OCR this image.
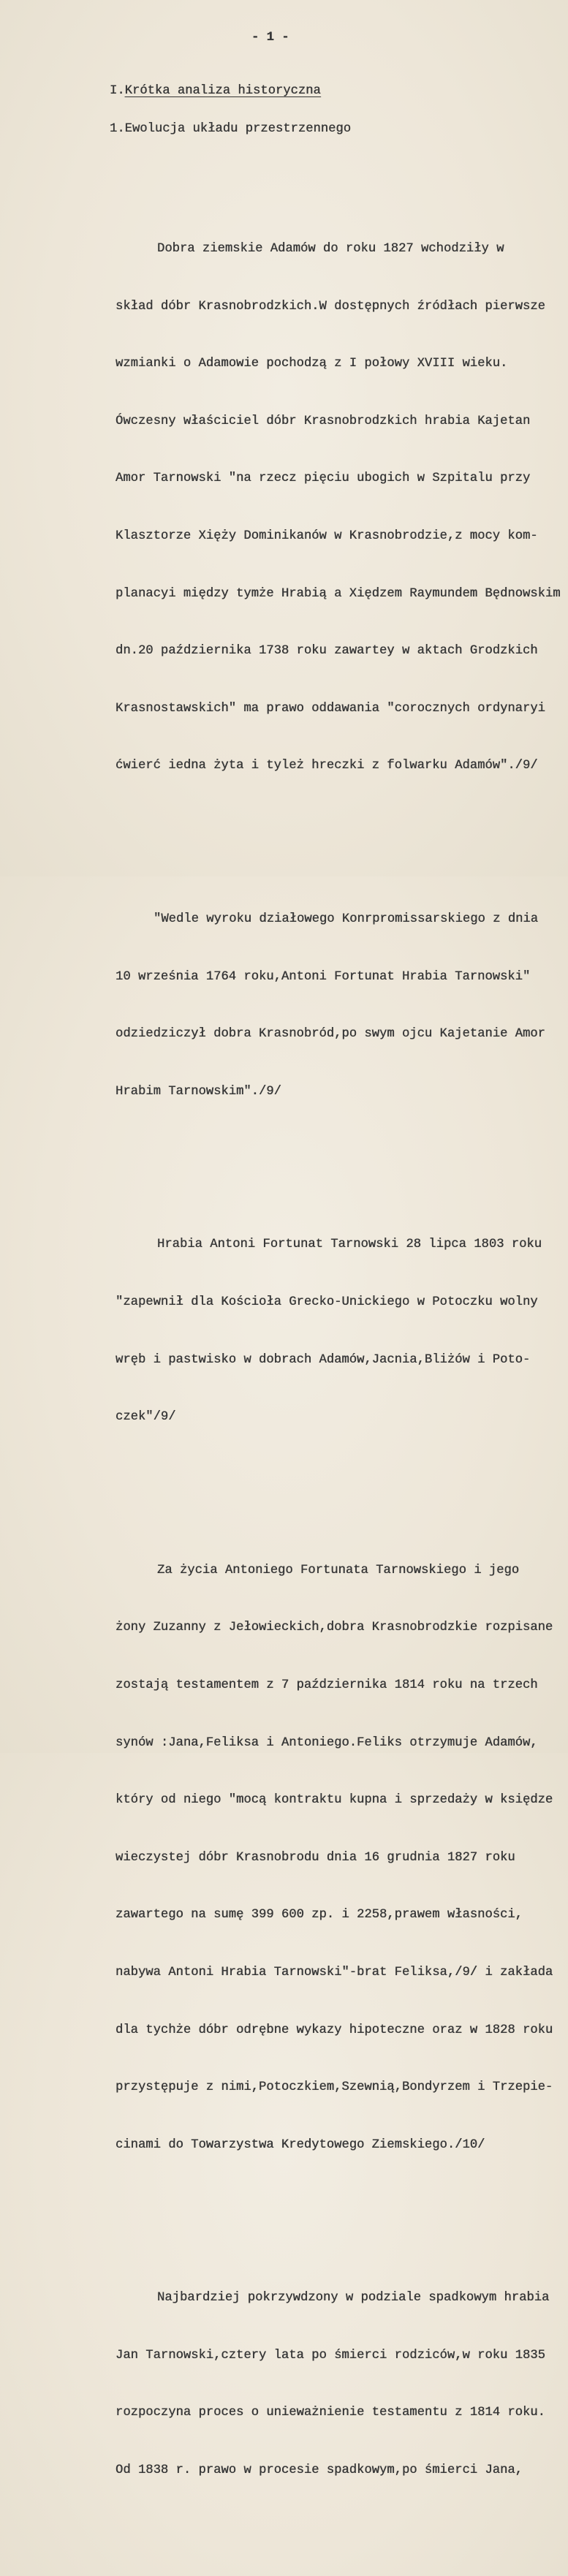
- 1 -
I.Krótka analiza historyczna
1.Ewolucja układu przestrzennego

Dobra ziemskie Adamów do roku 1827 wchodziły w

skład dóbr Krasnobrodzkich.W dostępnych źródłach pierwsze

wzmianki o Adamowie pochodzą z I połowy XVIII wieku.

Ówczesny właściciel dóbr Krasnobrodzkich hrabia Kajetan

Amor Tarnowski "na rzecz pięciu ubogich w Szpitalu przy

Klasztorze Xięży Dominikanów w Krasnobrodzie,z mocy kom-

planacyi między tymże Hrabią a Xiędzem Raymundem Będnowskim

dn.20 października 1738 roku zawartey w aktach Grodzkich

Krasnostawskich" ma prawo oddawania "corocznych ordynaryi

ćwierć iedna żyta i tyleż hreczki z folwarku Adamów"./9/

"Wedle wyroku działowego Konrpromissarskiego z dnia

10 września 1764 roku,Antoni Fortunat Hrabia Tarnowski"

odziedziczył dobra Krasnobród,po swym ojcu Kajetanie Amor

Hrabim Tarnowskim"./9/

Hrabia Antoni Fortunat Tarnowski 28 lipca 1803 roku

"zapewnił dla Kościoła Grecko-Unickiego w Potoczku wolny

wręb i pastwisko w dobrach Adamów,Jacnia,Bliżów i Poto-

czek"/9/

Za życia Antoniego Fortunata Tarnowskiego i jego

żony Zuzanny z Jełowieckich,dobra Krasnobrodzkie rozpisane

zostają testamentem z 7 października 1814 roku na trzech

synów :Jana,Feliksa i Antoniego.Feliks otrzymuje Adamów,

który od niego "mocą kontraktu kupna i sprzedaży w księdze

wieczystej dóbr Krasnobrodu dnia 16 grudnia 1827 roku

zawartego na sumę 399 600 zp. i 2258,prawem własności,

nabywa Antoni Hrabia Tarnowski"-brat Feliksa,/9/ i zakłada

dla tychże dóbr odrębne wykazy hipoteczne oraz w 1828 roku

przystępuje z nimi,Potoczkiem,Szewnią,Bondyrzem i Trzepie-

cinami do Towarzystwa Kredytowego Ziemskiego./10/

Najbardziej pokrzywdzony w podziale spadkowym hrabia

Jan Tarnowski,cztery lata po śmierci rodziców,w roku 1835

rozpoczyna proces o unieważnienie testamentu z 1814 roku.

Od 1838 r. prawo w procesie spadkowym,po śmierci Jana,
